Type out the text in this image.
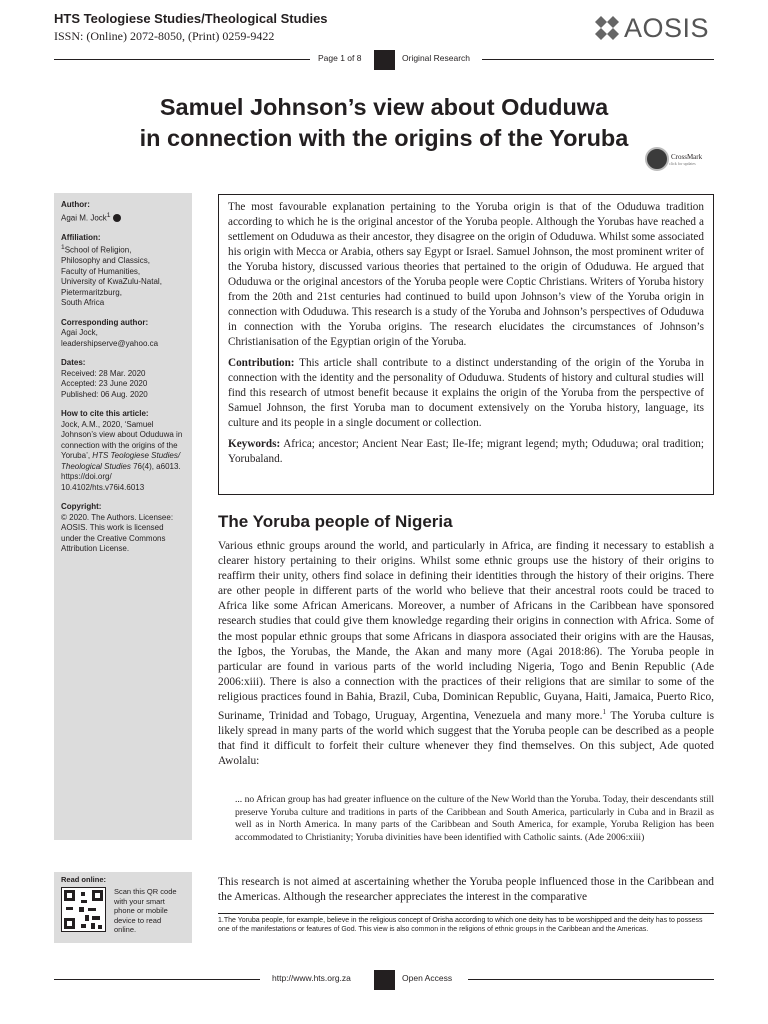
HTS Teologiese Studies/Theological Studies
ISSN: (Online) 2072-8050, (Print) 0259-9422	AOSIS
Page 1 of 8	Original Research
Samuel Johnson’s view about Oduduwa
in connection with the origins of the Yoruba
CrossMark
click for updates
Author:
Agai M. Jock$^1$
Affiliation:
$^1$School of Religion,
Philosophy and Classics,
Faculty of Humanities,
University of KwaZulu-Natal,
Pietermaritzburg,
South Africa
Corresponding author:
Agai Jock,
leadershipserve@yahoo.ca
Dates:
Received: 28 Mar. 2020
Accepted: 23 June 2020
Published: 06 Aug. 2020
How to cite this article:
Jock, A.M., 2020, ‘Samuel Johnson’s view about Oduduwa in connection with the origins of the Yoruba’, HTS Teologiese Studies/ Theological Studies 76(4), a6013. https://doi.org/ 10.4102/hts.v76i4.6013
Copyright:
© 2020. The Authors. Licensee: AOSIS. This work is licensed under the Creative Commons Attribution License.
Read online:
Scan this QR code with your smart phone or mobile device to read online.

The most favourable explanation pertaining to the Yoruba origin is that of the Oduduwa tradition according to which he is the original ancestor of the Yoruba people. Although the Yorubas have reached a settlement on Oduduwa as their ancestor, they disagree on the origin of Oduduwa. Whilst some associated his origin with Mecca or Arabia, others say Egypt or Israel. Samuel Johnson, the most prominent writer of the Yoruba history, discussed various theories that pertained to the origin of Oduduwa. He argued that Oduduwa or the original ancestors of the Yoruba people were Coptic Christians. Writers of Yoruba history from the 20th and 21st centuries had continued to build upon Johnson’s view of the Yoruba origin in connection with Oduduwa. This research is a study of the Yoruba and Johnson’s perspectives of Oduduwa in connection with the Yoruba origins. The research elucidates the circumstances of Johnson’s Christianisation of the Egyptian origin of the Yoruba.

Contribution: This article shall contribute to a distinct understanding of the origin of the Yoruba in connection with the identity and the personality of Oduduwa. Students of history and cultural studies will find this research of utmost benefit because it explains the origin of the Yoruba from the perspective of Samuel Johnson, the first Yoruba man to document extensively on the Yoruba history, language, its culture and its people in a single document or collection.

Keywords: Africa; ancestor; Ancient Near East; Ile-Ife; migrant legend; myth; Oduduwa; oral tradition; Yorubaland.

The Yoruba people of Nigeria
Various ethnic groups around the world, and particularly in Africa, are finding it necessary to establish a clearer history pertaining to their origins. Whilst some ethnic groups use the history of their origins to reaffirm their unity, others find solace in defining their identities through the history of their origins. There are other people in different parts of the world who believe that their ancestral roots could be traced to Africa like some African Americans. Moreover, a number of Africans in the Caribbean have sponsored research studies that could give them knowledge regarding their origins in connection with Africa. Some of the most popular ethnic groups that some Africans in diaspora associated their origins with are the Hausas, the Igbos, the Yorubas, the Mande, the Akan and many more (Agai 2018:86). The Yoruba people in particular are found in various parts of the world including Nigeria, Togo and Benin Republic (Ade 2006:xiii). There is also a connection with the practices of their religions that are similar to some of the religious practices found in Bahia, Brazil, Cuba, Dominican Republic, Guyana, Haiti, Jamaica, Puerto Rico, Suriname, Trinidad and Tobago, Uruguay, Argentina, Venezuela and many more.$^1$ The Yoruba culture is likely spread in many parts of the world which suggest that the Yoruba people can be described as a people that find it difficult to forfeit their culture whenever they find themselves. On this subject, Ade quoted Awolalu:
... no African group has had greater influence on the culture of the New World than the Yoruba. Today, their descendants still preserve Yoruba culture and traditions in parts of the Caribbean and South America, particularly in Cuba and in Brazil as well as in North America. In many parts of the Caribbean and South America, for example, Yoruba Religion has been accommodated to Christianity; Yoruba divinities have been identified with Catholic saints. (Ade 2006:xiii)
This research is not aimed at ascertaining whether the Yoruba people influenced those in the Caribbean and the Americas. Although the researcher appreciates the interest in the comparative
1.The Yoruba people, for example, believe in the religious concept of Orisha according to which one deity has to be worshipped and the deity has to possess one of the manifestations or features of God. This view is also common in the religions of ethnic groups in the Caribbean and the Americas.
http://www.hts.org.za	Open Access
